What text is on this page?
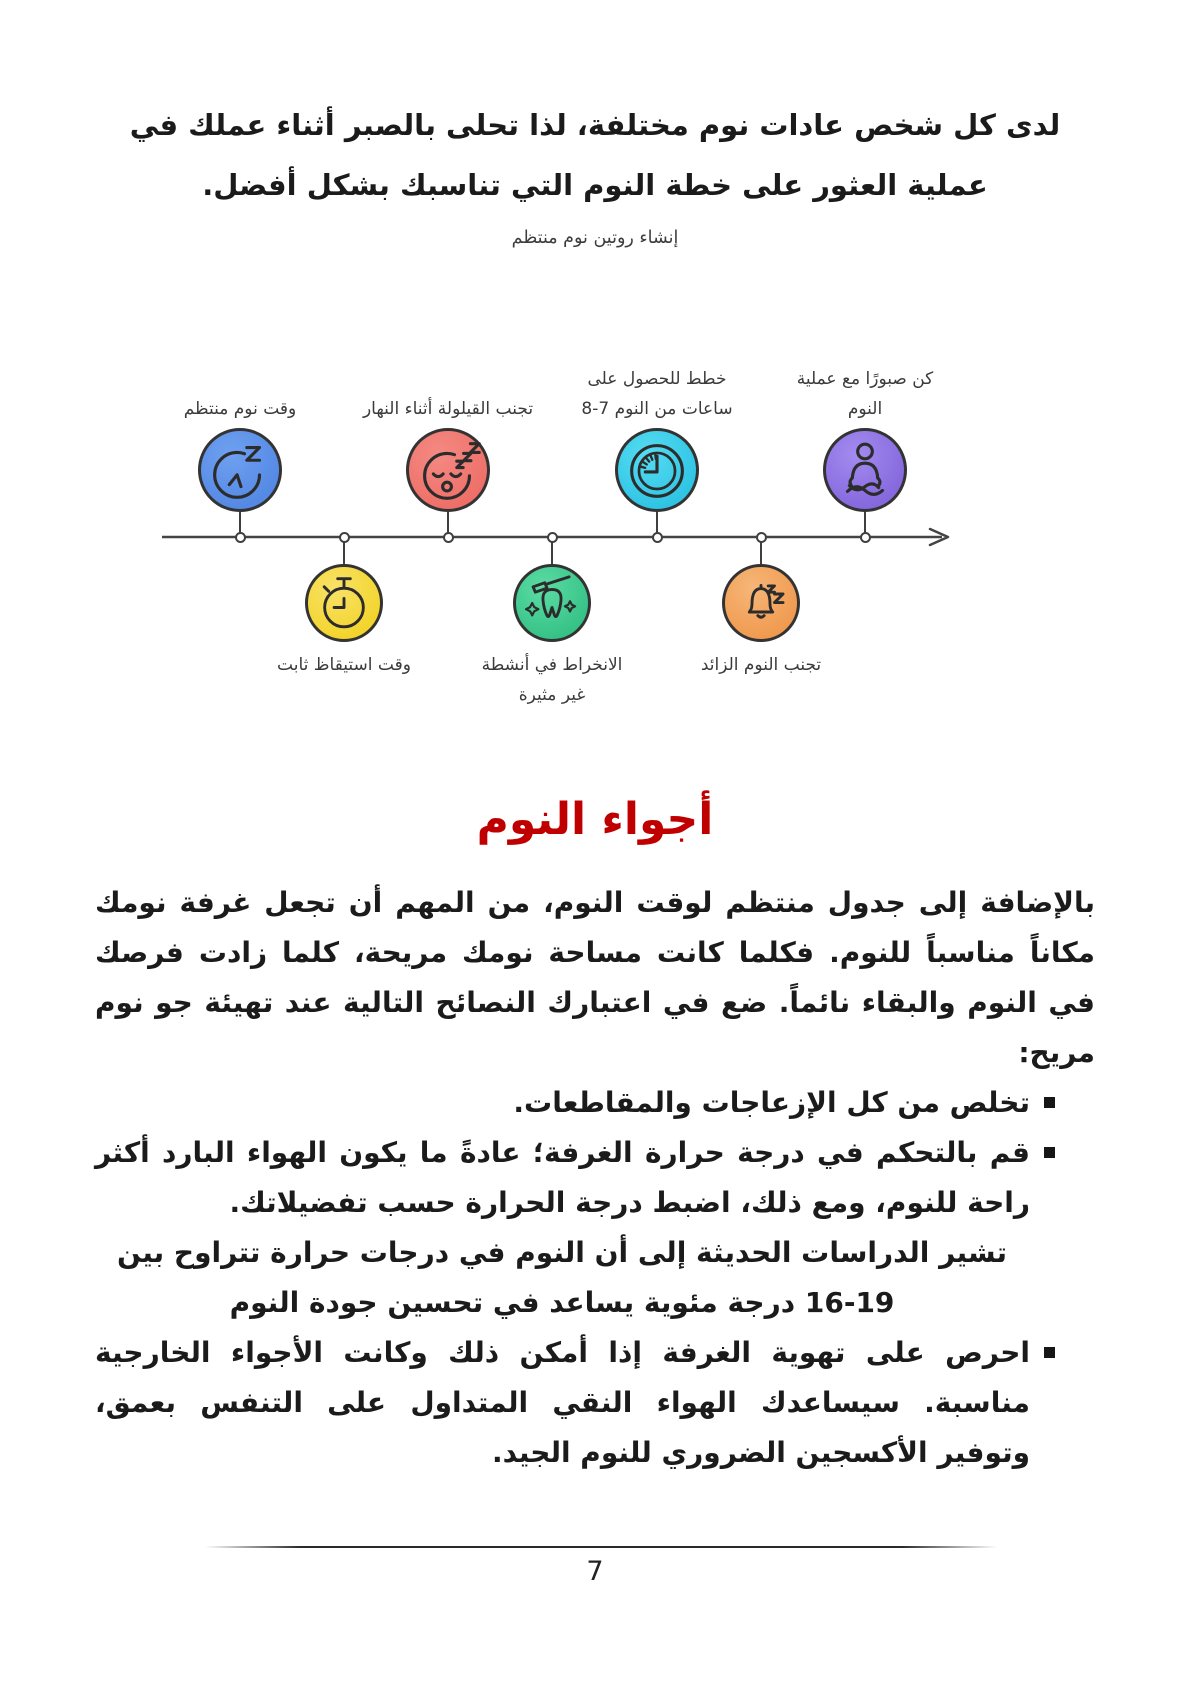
لدى كل شخص عادات نوم مختلفة، لذا تحلى بالصبر أثناء عملك في عملية العثور على خطة النوم التي تناسبك بشكل أفضل.
إنشاء روتين نوم منتظم
وقت نوم منتظم
وقت استيقاظ ثابت
تجنب القيلولة أثناء النهار
الانخراط في أنشطة غير مثيرة
خطط للحصول على ساعات من النوم 7-8
تجنب النوم الزائد
كن صبورًا مع عملية النوم
أجواء النوم
بالإضافة إلى جدول منتظم لوقت النوم، من المهم أن تجعل غرفة نومك مكاناً مناسباً للنوم. فكلما كانت مساحة نومك مريحة، كلما زادت فرصك في النوم والبقاء نائماً. ضع في اعتبارك النصائح التالية عند تهيئة جو نوم مريح:
تخلص من كل الإزعاجات والمقاطعات.
قم بالتحكم في درجة حرارة الغرفة؛ عادةً ما يكون الهواء البارد أكثر راحة للنوم، ومع ذلك، اضبط درجة الحرارة حسب تفضيلاتك.
تشير الدراسات الحديثة إلى أن النوم في درجات حرارة تتراوح بين 19-16 درجة مئوية يساعد في تحسين جودة النوم
احرص على تهوية الغرفة إذا أمكن ذلك وكانت الأجواء الخارجية مناسبة. سيساعدك الهواء النقي المتداول على التنفس بعمق، وتوفير الأكسجين الضروري للنوم الجيد.
7
